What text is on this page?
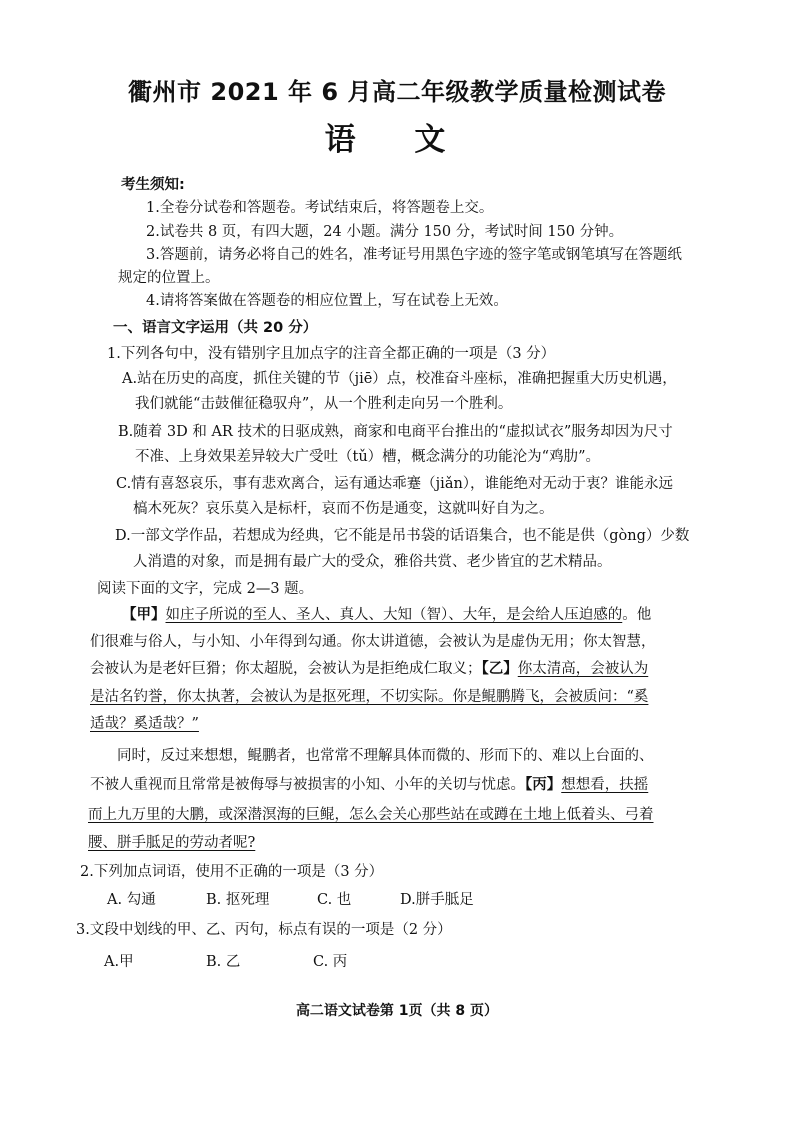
衢州市 2021 年 6 月高二年级教学质量检测试卷
语 文
考生须知:
1.全卷分试卷和答题卷。考试结束后，将答题卷上交。
2.试卷共 8 页，有四大题，24 小题。满分 150 分，考试时间 150 分钟。
3.答题前，请务必将自己的姓名，准考证号用黑色字迹的签字笔或钢笔填写在答题纸
规定的位置上。
4.请将答案做在答题卷的相应位置上，写在试卷上无效。
一、语言文字运用（共 20 分）
1.下列各句中，没有错别字且加点字的注音全都正确的一项是（3 分）
A.站在历史的高度，抓住关键的节（jiē）点，校准奋斗座标，准确把握重大历史机遇，
我们就能“击鼓催征稳驭舟”，从一个胜利走向另一个胜利。
B.随着 3D 和 AR 技术的日驱成熟，商家和电商平台推出的“虚拟试衣”服务却因为尺寸
不准、上身效果差异较大广受吐（tǔ）槽，概念满分的功能沦为“鸡肋”。
C.情有喜怒哀乐，事有悲欢离合，运有通达乖蹇（jiǎn），谁能绝对无动于衷？谁能永远
槁木死灰？哀乐莫入是标杆，哀而不伤是通变，这就叫好自为之。
D.一部文学作品，若想成为经典，它不能是吊书袋的话语集合，也不能是供（gòng）少数
人消遣的对象，而是拥有最广大的受众，雅俗共赏、老少皆宜的艺术精品。
阅读下面的文字，完成 2—3 题。
【甲】如庄子所说的至人、圣人、真人、大知（智）、大年，是会给人压迫感的。他
们很难与俗人，与小知、小年得到勾通。你太讲道德，会被认为是虚伪无用；你太智慧，
会被认为是老奸巨猾；你太超脱，会被认为是拒绝成仁取义；【乙】你太清高，会被认为
是沽名钓誉，你太执著，会被认为是抠死理，不切实际。你是鲲鹏腾飞，会被质问：“奚
适哉？奚适哉？”
同时，反过来想想，鲲鹏者，也常常不理解具体而微的、形而下的、难以上台面的、
不被人重视而且常常是被侮辱与被损害的小知、小年的关切与忧虑。【丙】想想看，扶摇
而上九万里的大鹏，或深潜溟海的巨鲲，怎么会关心那些站在或蹲在土地上低着头、弓着
腰、胼手胝足的劳动者呢?
2.下列加点词语，使用不正确的一项是（3 分）
A. 勾通	B. 抠死理	C. 也	D.胼手胝足
3.文段中划线的甲、乙、丙句，标点有误的一项是（2 分）
A.甲	B. 乙	C. 丙
高二语文试卷第 1页（共 8 页）
